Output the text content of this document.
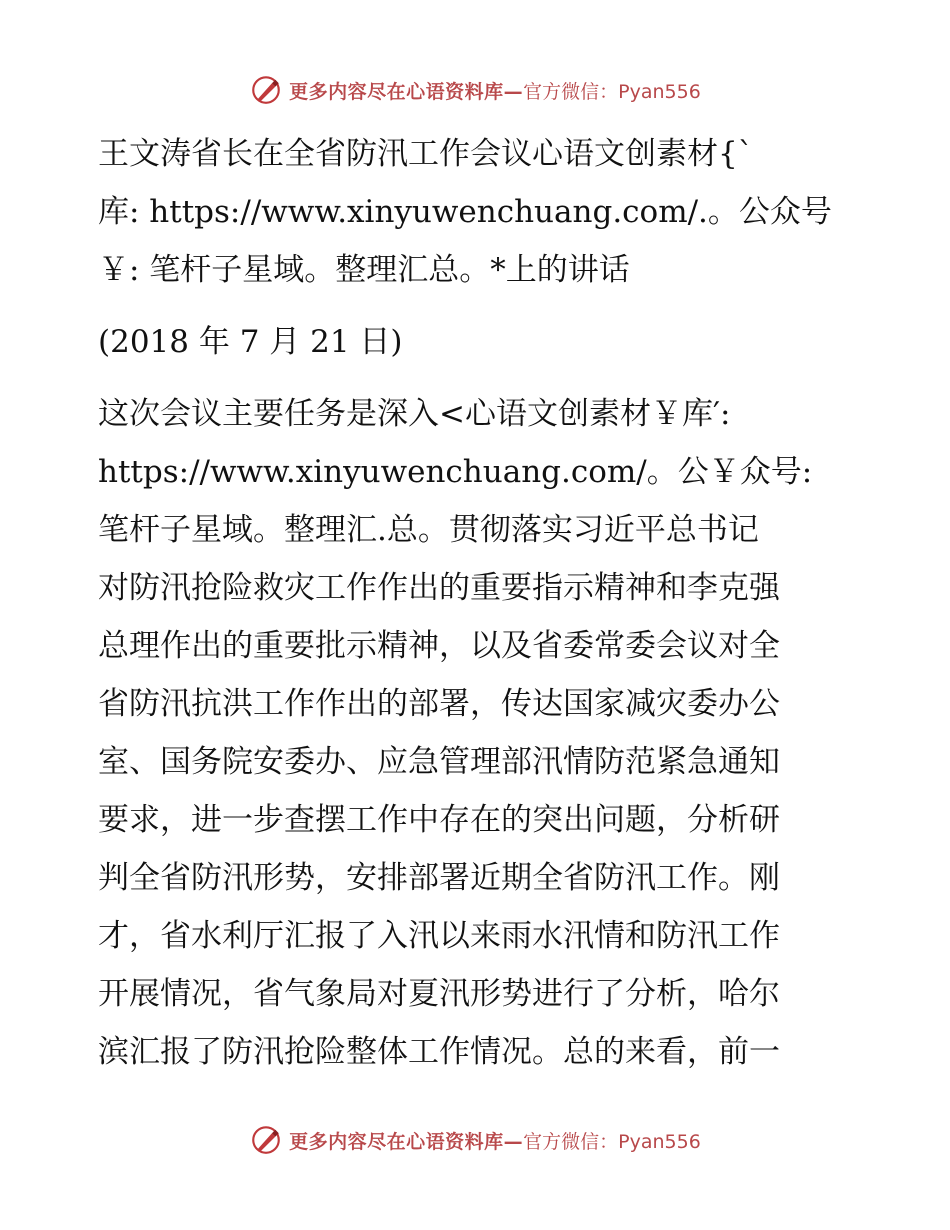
更多内容尽在心语资料库— 官方微信：Pyan556
王文涛省长在全省防汛工作会议心语文创素材{`
库: https://www.xinyuwenchuang.com/.。公众号
￥: 笔杆子星域。整理汇总。*上的讲话
(2018 年 7 月 21 日)
这次会议主要任务是深入<心语文创素材￥库′:
https://www.xinyuwenchuang.com/。公￥众号:
笔杆子星域。整理汇.总。贯彻落实习近平总书记
对防汛抢险救灾工作作出的重要指示精神和李克强
总理作出的重要批示精神，以及省委常委会议对全
省防汛抗洪工作作出的部署，传达国家减灾委办公
室、国务院安委办、应急管理部汛情防范紧急通知
要求，进一步查摆工作中存在的突出问题，分析研
判全省防汛形势，安排部署近期全省防汛工作。刚
才，省水利厅汇报了入汛以来雨水汛情和防汛工作
开展情况，省气象局对夏汛形势进行了分析，哈尔
滨汇报了防汛抢险整体工作情况。总的来看，前一
更多内容尽在心语资料库— 官方微信：Pyan556
